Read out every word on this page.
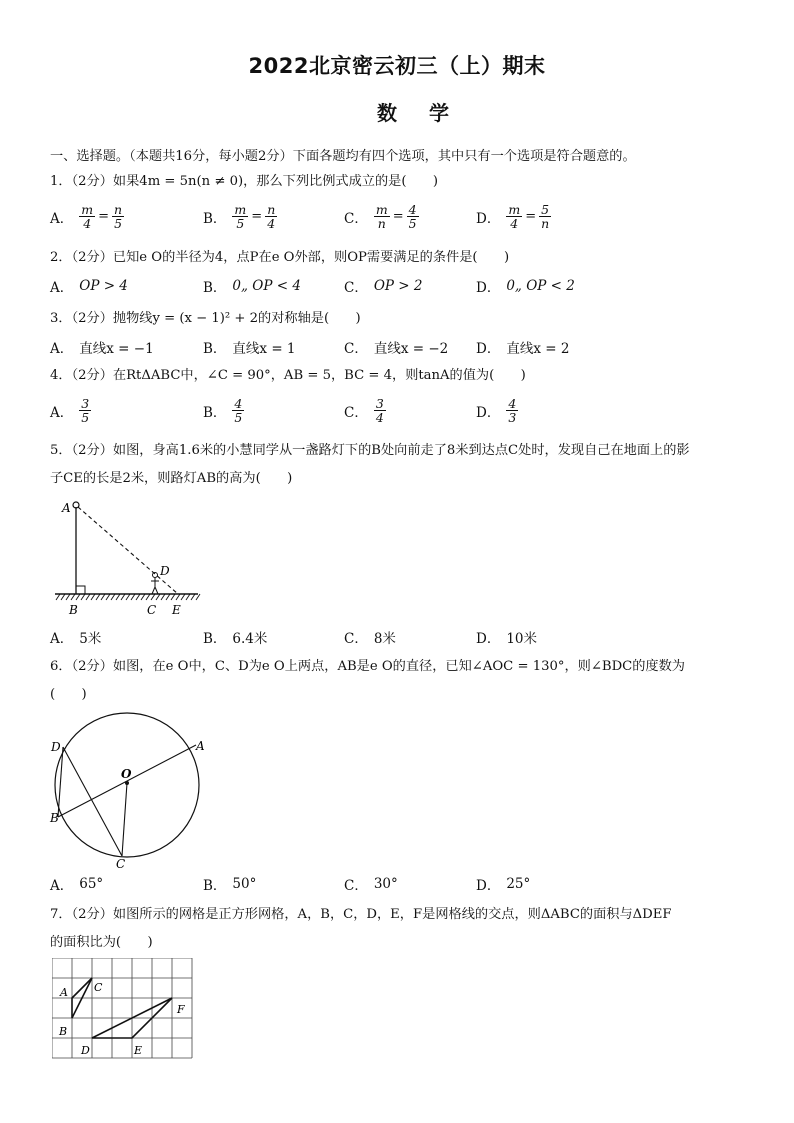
2022北京密云初三（上）期末
数学
一、选择题。（本题共16分，每小题2分）下面各题均有四个选项，其中只有一个选项是符合题意的。
1．（2分）如果4m = 5n(n ≠ 0)，那么下列比例式成立的是(　　)
A． $\frac{m}{4} = \frac{n}{5}$	B． $\frac{m}{5} = \frac{n}{4}$	C． $\frac{m}{n} = \frac{4}{5}$	D． $\frac{m}{4} = \frac{5}{n}$
2．（2分）已知e O的半径为4，点P在e O外部，则OP需要满足的条件是(　　)
A． OP > 4	B． 0„ OP < 4	C． OP > 2	D． 0„ OP < 2
3．（2分）抛物线y = (x − 1)² + 2的对称轴是(　　)
A． 直线x = −1	B． 直线x = 1	C． 直线x = −2 D． 直线x = 2
4．（2分）在RtΔABC中，∠C = 90°，AB = 5，BC = 4，则tanA的值为(　　)
A． $\frac{3}{5}$	B． $\frac{4}{5}$	C． $\frac{3}{4}$	D． $\frac{4}{3}$
5．（2分）如图，身高1.6米的小慧同学从一盏路灯下的B处向前走了8米到达点C处时，发现自己在地面上的影
子CE的长是2米，则路灯AB的高为(　　)
A
B	C
D
E
A． 5米	B． 6.4米	C． 8米	D． 10米
6．（2分）如图，在e O中，C、D为e O上两点，AB是e O的直径，已知∠AOC = 130°，则∠BDC的度数为
(　　)
D	A
O
B
C
A． 65°	B． 50°	C． 30°	D． 25°
7．（2分）如图所示的网格是正方形网格，A，B，C，D，E，F是网格线的交点，则ΔABC的面积与ΔDEF
的面积比为(　　)
A C
B
D	E
F
